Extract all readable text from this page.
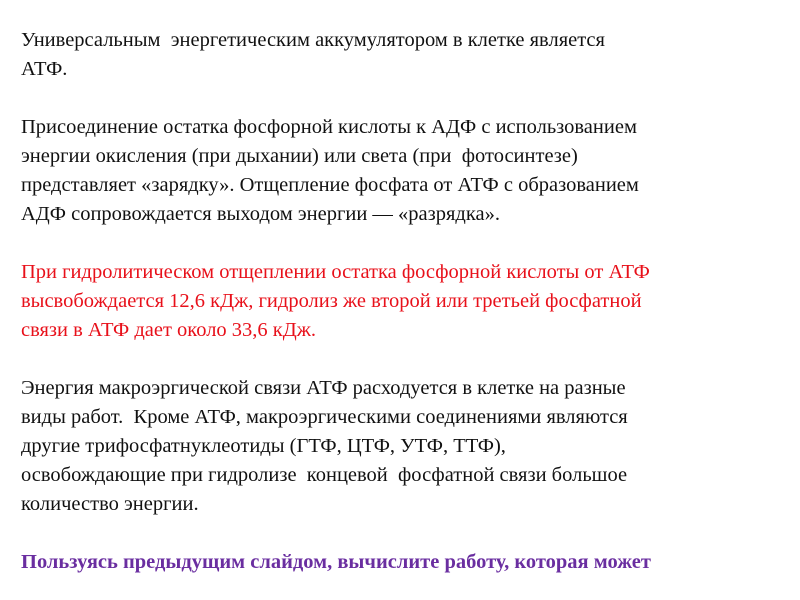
Универсальным  энергетическим аккумулятором в клетке является
АТФ.

Присоединение остатка фосфорной кислоты к АДФ с использованием
энергии окисления (при дыхании) или света (при  фотосинтезе)
представляет «зарядку». Отщепление фосфата от АТФ с образованием
АДФ сопровождается выходом энергии — «разрядка».

При гидролитическом отщеплении остатка фосфорной кислоты от АТФ
высвобождается 12,6 кДж, гидролиз же второй или третьей фосфатной
связи в АТФ дает около 33,6 кДж.

Энергия макроэргической связи АТФ расходуется в клетке на разные
виды работ.  Кроме АТФ, макроэргическими соединениями являются
другие трифосфатнуклеотиды (ГТФ, ЦТФ, УТФ, ТТФ),
освобождающие при гидролизе  концевой  фосфатной связи большое
количество энергии.

Пользуясь предыдущим слайдом, вычислите работу, которая может
